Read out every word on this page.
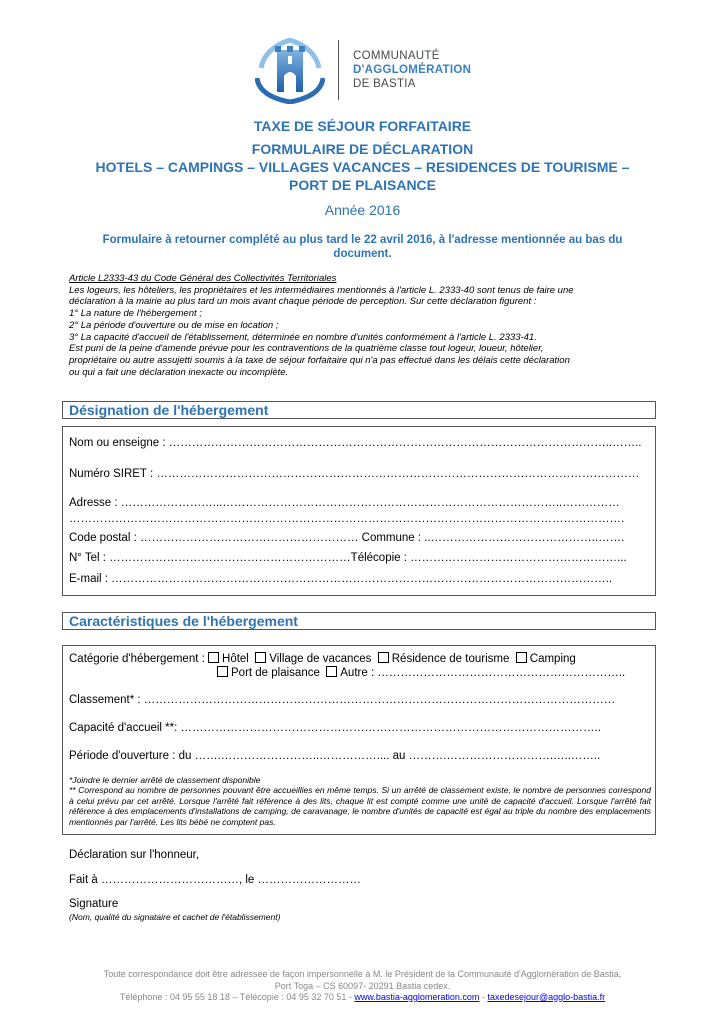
COMMUNAUTÉ
D'AGGLOMÉRATION
DE BASTIA
TAXE DE SÉJOUR FORFAITAIRE
FORMULAIRE DE DÉCLARATION
HOTELS – CAMPINGS – VILLAGES VACANCES – RESIDENCES DE TOURISME –
PORT DE PLAISANCE
Année 2016
Formulaire à retourner complété au plus tard le 22 avril 2016, à l'adresse mentionnée au bas du
document.
Article L2333-43 du Code Général des Collectivités Territoriales
Les logeurs, les hôteliers, les propriétaires et les intermédiaires mentionnés à l'article L. 2333-40 sont tenus de faire une
déclaration à la mairie au plus tard un mois avant chaque période de perception. Sur cette déclaration figurent :
1° La nature de l'hébergement ;
2° La période d'ouverture ou de mise en location ;
3° La capacité d'accueil de l'établissement, déterminée en nombre d'unités conformément à l'article L. 2333-41.
Est puni de la peine d'amende prévue pour les contraventions de la quatrième classe tout logeur, loueur, hôtelier,
propriétaire ou autre assujetti soumis à la taxe de séjour forfaitaire qui n'a pas effectué dans les délais cette déclaration
ou qui a fait une déclaration inexacte ou incomplète.
Désignation de l'hébergement
Nom ou enseigne : ……………………………………………………………………………………………………..……..
Numéro SIRET : ………………………………………………………………………………………………………………
Adresse : ……………………...……………………………………………………………………………..……………
……………………………………………………………………………………………………………………………….
Code postal : ………………………………………………… Commune : ..……………………………………..…….
N° Tel : ………………………………………………………Télécopie : ………………………………………………...
E-mail : …………………………………………………………………………………………………………………..
Caractéristiques de l'hébergement
Catégorie d'hébergement : Hôtel Village de vacances Résidence de tourisme Camping
Port de plaisance Autre : ………………………………………………………..
Classement* : ……………………………………………………………………………………………………………
Capacité d'accueil **: ………………………………………………………………………………………………..
Période d'ouverture : du …….……………………..…………….... au ……….……………………….…..……..
*Joindre le dernier arrêté de classement disponible
** Correspond au nombre de personnes pouvant être accueillies en même temps. Si un arrêté de classement existe, le nombre de personnes correspond à celui prévu par cet arrêté. Lorsque l'arrêté fait référence à des lits, chaque lit est compté comme une unité de capacité d'accueil. Lorsque l'arrêté fait référence à des emplacements d'installations de camping, de caravanage, le nombre d'unités de capacité est égal au triple du nombre des emplacements mentionnés par l'arrêté. Les lits bébé ne comptent pas.
Déclaration sur l'honneur,
Fait à ………………………………, le ………………………
Signature
(Nom, qualité du signataire et cachet de l'établissement)
Toute correspondance doit être adressée de façon impersonnelle à M. le Président de la Communauté d'Agglomération de Bastia,
Port Toga – CS 60097- 20291 Bastia cedex.
Téléphone : 04 95 55 18 18 – Télécopie : 04 95 32 70 51 - www.bastia-agglomeration.com - taxedesejour@agglo-bastia.fr
